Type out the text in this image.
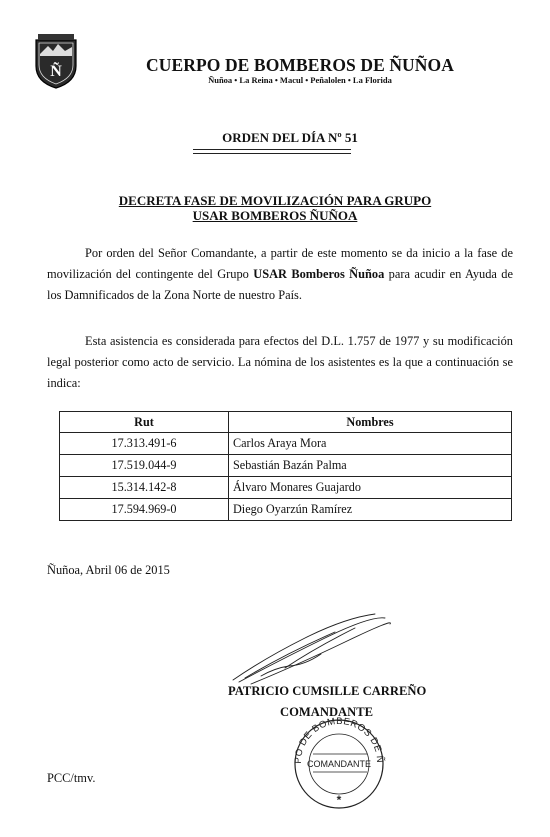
Ñ	CUERPO DE BOMBEROS DE ÑUÑOA
Ñuñoa • La Reina • Macul • Peñalolen • La Florida
ORDEN DEL DÍA Nº 51
DECRETA FASE DE MOVILIZACIÓN PARA GRUPO
USAR BOMBEROS ÑUÑOA
Por orden del Señor Comandante, a partir de este momento se da inicio a la fase de movilización del contingente del Grupo USAR Bomberos Ñuñoa para acudir en Ayuda de los Damnificados de la Zona Norte de nuestro País.
Esta asistencia es considerada para efectos del D.L. 1.757 de 1977 y su modificación legal posterior como acto de servicio. La nómina de los asistentes es la que a continuación se indica:
Rut	Nombres
17.313.491-6	Carlos Araya Mora
17.519.044-9	Sebastián Bazán Palma
15.314.142-8	Álvaro Monares Guajardo
17.594.969-0	Diego Oyarzún Ramírez
Ñuñoa, Abril 06 de 2015
PATRICIO CUMSILLE CARREÑO
COMANDANTE
PO DE BOMBEROS DE Ñ
COMANDANTE
*
PCC/tmv.
